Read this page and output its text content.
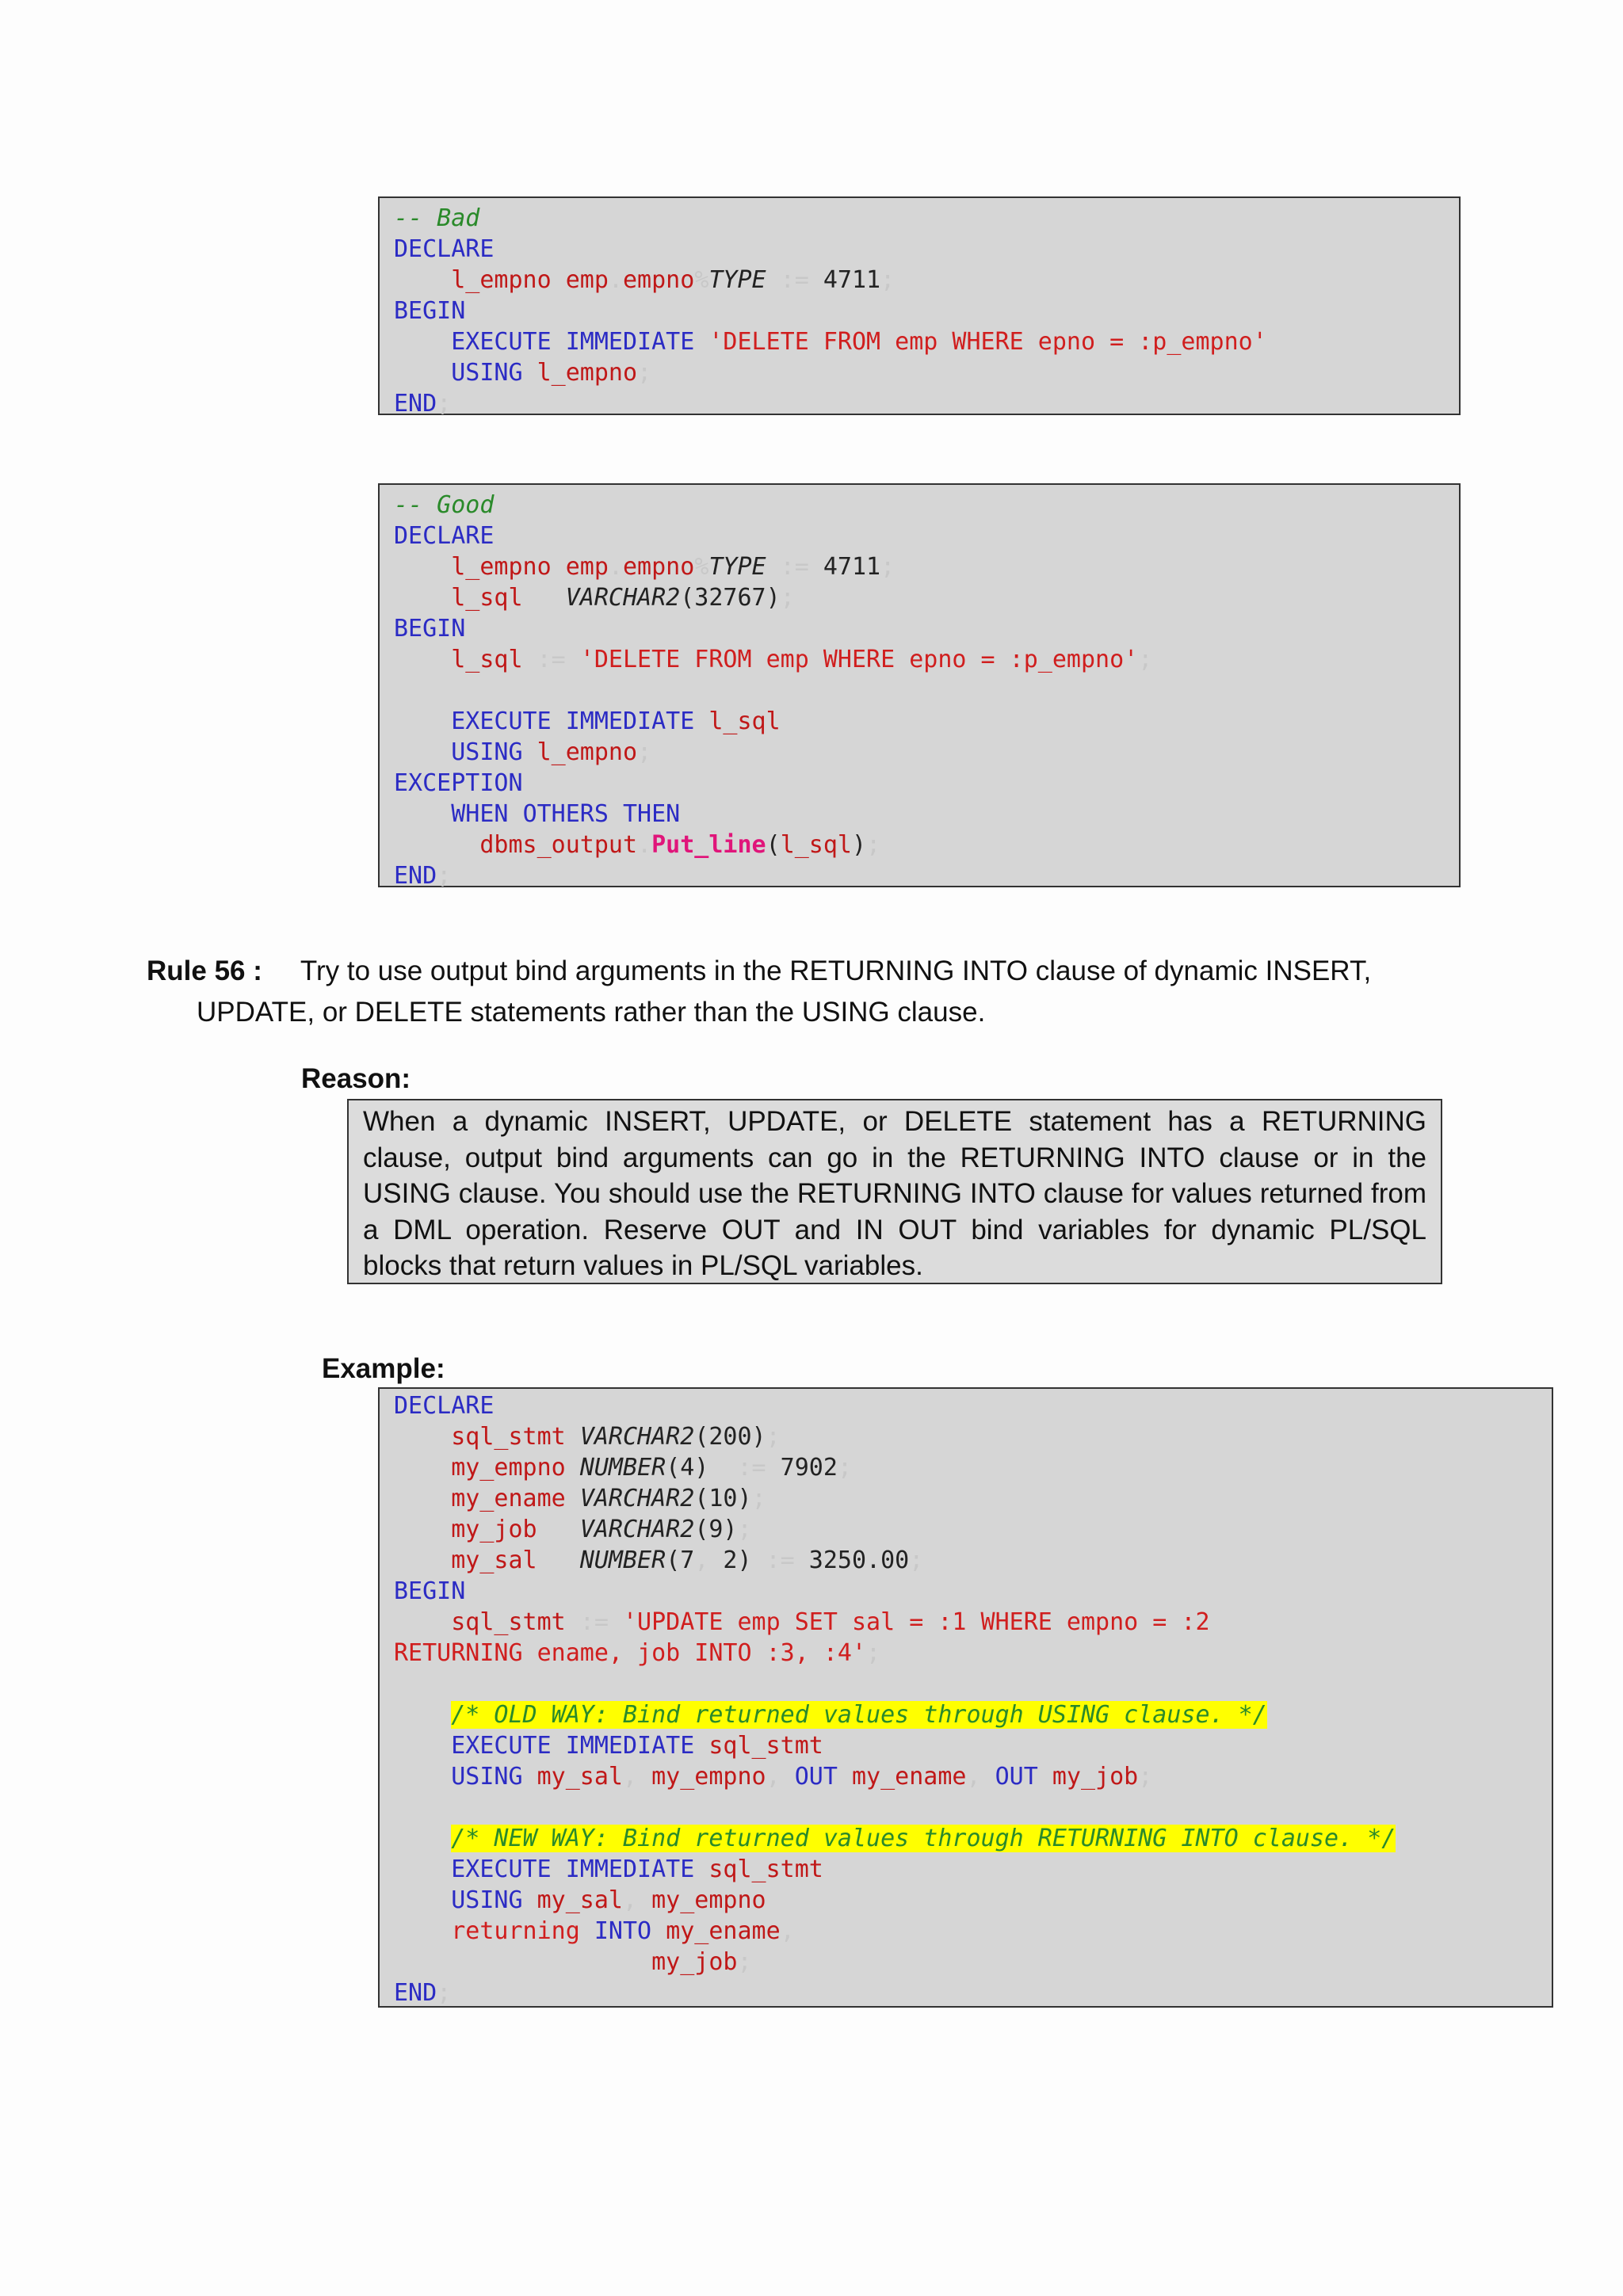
-- Bad
DECLARE
l_empno emp.empno%TYPE := 4711;
BEGIN
EXECUTE IMMEDIATE 'DELETE FROM emp WHERE epno = :p_empno'
USING l_empno;
END;
-- Good
DECLARE
l_empno emp.empno%TYPE := 4711;
l_sql VARCHAR2(32767);
BEGIN
l_sql := 'DELETE FROM emp WHERE epno = :p_empno';

EXECUTE IMMEDIATE l_sql
USING l_empno;
EXCEPTION
WHEN OTHERS THEN
dbms_output.Put_line(l_sql);
END;
Rule 56 : Try to use output bind arguments in the RETURNING INTO clause of dynamic INSERT,
UPDATE, or DELETE statements rather than the USING clause.
Reason:
When a dynamic INSERT, UPDATE, or DELETE statement has a RETURNING clause, output bind arguments can go in the RETURNING INTO clause or in the USING clause. You should use the RETURNING INTO clause for values returned from a DML operation. Reserve OUT and IN OUT bind variables for dynamic PL/SQL blocks that return values in PL/SQL variables.
Example:
DECLARE
sql_stmt VARCHAR2(200);
my_empno NUMBER(4)  := 7902;
my_ename VARCHAR2(10);
my_job VARCHAR2(9);
my_sal NUMBER(7, 2) := 3250.00;
BEGIN
sql_stmt := 'UPDATE emp SET sal = :1 WHERE empno = :2
RETURNING ename, job INTO :3, :4';

/* OLD WAY: Bind returned values through USING clause. */
EXECUTE IMMEDIATE sql_stmt
USING my_sal, my_empno, OUT my_ename, OUT my_job;

/* NEW WAY: Bind returned values through RETURNING INTO clause. */
EXECUTE IMMEDIATE sql_stmt
USING my_sal, my_empno
returning INTO my_ename,
my_job;
END;
